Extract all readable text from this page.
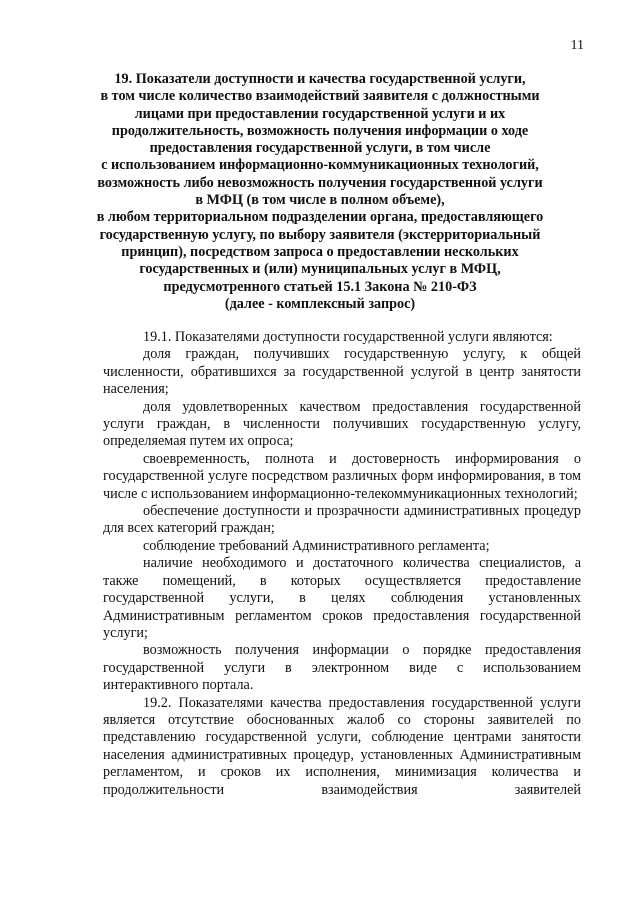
11
19. Показатели доступности и качества государственной услуги,
в том числе количество взаимодействий заявителя с должностными
лицами при предоставлении государственной услуги и их
продолжительность, возможность получения информации о ходе
предоставления государственной услуги, в том числе
с использованием информационно-коммуникационных технологий,
возможность либо невозможность получения государственной услуги
в МФЦ (в том числе в полном объеме),
в любом территориальном подразделении органа, предоставляющего
государственную услугу, по выбору заявителя (экстерриториальный
принцип), посредством запроса о предоставлении нескольких
государственных и (или) муниципальных услуг в МФЦ,
предусмотренного статьей 15.1 Закона № 210-ФЗ
(далее - комплексный запрос)

19.1. Показателями доступности государственной услуги являются:

доля граждан, получивших государственную услугу, к общей численности, обратившихся за государственной услугой в центр занятости населения;

доля удовлетворенных качеством предоставления государственной услуги граждан, в численности получивших государственную услугу, определяемая путем их опроса;

своевременность, полнота и достоверность информирования о государственной услуге посредством различных форм информирования, в том числе с использованием информационно-телекоммуникационных технологий;

обеспечение доступности и прозрачности административных процедур для всех категорий граждан;

соблюдение требований Административного регламента;

наличие необходимого и достаточного количества специалистов, а также помещений, в которых осуществляется предоставление государственной услуги, в целях соблюдения установленных Административным регламентом сроков предоставления государственной услуги;

возможность получения информации о порядке предоставления государственной услуги в электронном виде с использованием интерактивного портала.

19.2. Показателями качества предоставления государственной услуги является отсутствие обоснованных жалоб со стороны заявителей по представлению государственной услуги, соблюдение центрами занятости населения административных процедур, установленных Административным регламентом, и сроков их исполнения, минимизация количества и продолжительности взаимодействия заявителей
